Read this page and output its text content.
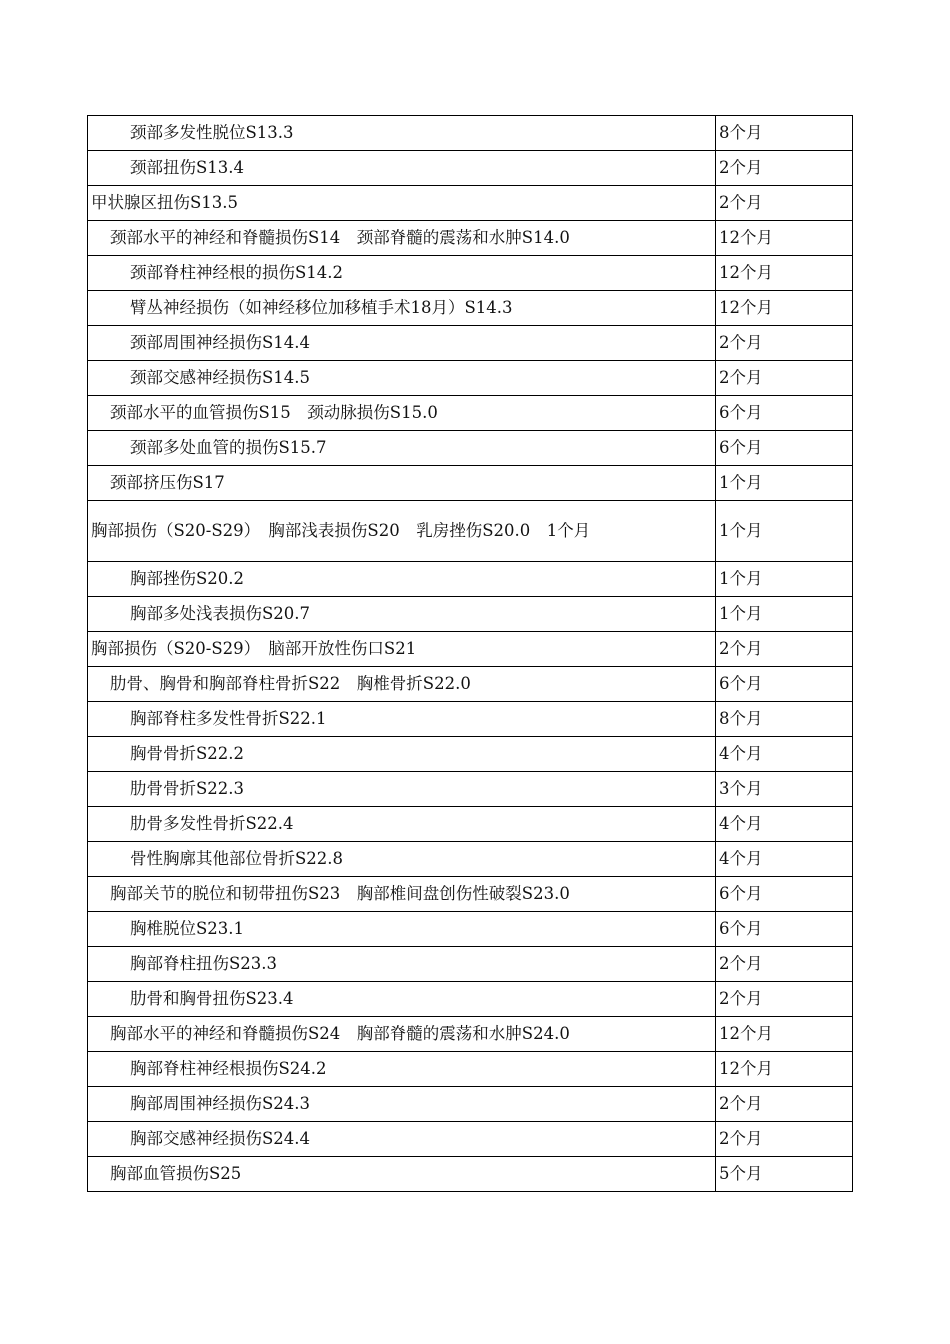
颈部多发性脱位S13.3	8个月
颈部扭伤S13.4	2个月
甲状腺区扭伤S13.5	2个月
颈部水平的神经和脊髓损伤S14　颈部脊髓的震荡和水肿S14.0	12个月
颈部脊柱神经根的损伤S14.2	12个月
臂丛神经损伤（如神经移位加移植手术18月）S14.3	12个月
颈部周围神经损伤S14.4	2个月
颈部交感神经损伤S14.5	2个月
颈部水平的血管损伤S15　颈动脉损伤S15.0	6个月
颈部多处血管的损伤S15.7	6个月
颈部挤压伤S17	1个月
胸部损伤（S20-S29）　胸部浅表损伤S20　乳房挫伤S20.0　1个月	1个月
胸部挫伤S20.2	1个月
胸部多处浅表损伤S20.7	1个月
胸部损伤（S20-S29）　脑部开放性伤口S21	2个月
肋骨、胸骨和胸部脊柱骨折S22　胸椎骨折S22.0	6个月
胸部脊柱多发性骨折S22.1	8个月
胸骨骨折S22.2	4个月
肋骨骨折S22.3	3个月
肋骨多发性骨折S22.4	4个月
骨性胸廓其他部位骨折S22.8	4个月
胸部关节的脱位和韧带扭伤S23　胸部椎间盘创伤性破裂S23.0	6个月
胸椎脱位S23.1	6个月
胸部脊柱扭伤S23.3	2个月
肋骨和胸骨扭伤S23.4	2个月
胸部水平的神经和脊髓损伤S24　胸部脊髓的震荡和水肿S24.0	12个月
胸部脊柱神经根损伤S24.2	12个月
胸部周围神经损伤S24.3	2个月
胸部交感神经损伤S24.4	2个月
胸部血管损伤S25	5个月
